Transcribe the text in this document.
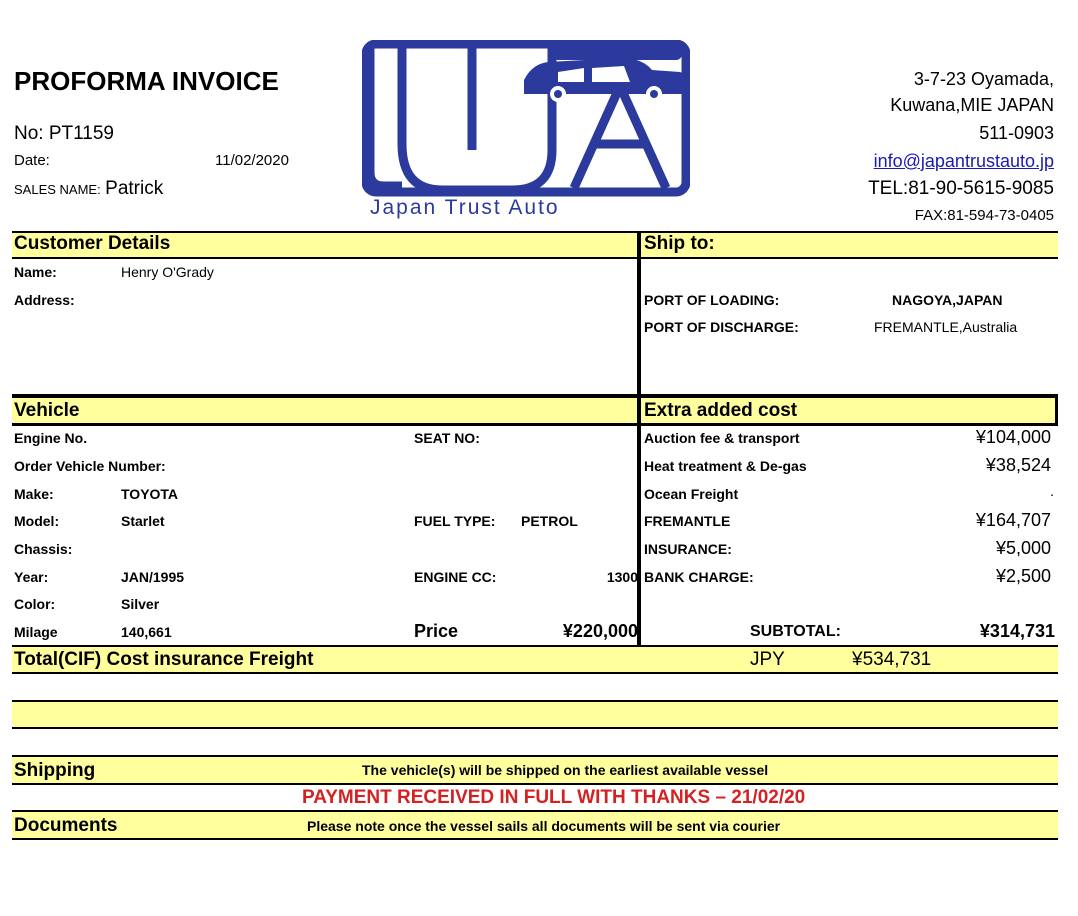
PROFORMA INVOICE
No: PT1159
Date:	11/02/2020
SALES NAME: Patrick
Japan Trust Auto
3-7-23 Oyamada,
Kuwana,MIE JAPAN
511-0903
info@japantrustauto.jp
TEL:81-90-5615-9085
FAX:81-594-73-0405
Customer Details
Name:	Henry O'Grady
Address:
Ship to:
PORT OF LOADING:	NAGOYA,JAPAN
PORT OF DISCHARGE:	FREMANTLE,Australia
Vehicle
Engine No.	SEAT NO:
Order Vehicle Number:
Make:	TOYOTA
Model:	Starlet	FUEL TYPE: PETROL
Chassis:
Year:	JAN/1995	ENGINE CC:	1300
Color:	Silver
Milage	140,661	Price	¥220,000
Extra added cost
Auction fee & transport	¥104,000
Heat treatment & De-gas	¥38,524
Ocean Freight	.
FREMANTLE	¥164,707
INSURANCE:	¥5,000
BANK CHARGE:	¥2,500
SUBTOTAL:	¥314,731
Total(CIF) Cost insurance Freight	JPY	¥534,731
Shipping	The vehicle(s) will be shipped on the earliest available vessel
PAYMENT RECEIVED IN FULL WITH THANKS – 21/02/20
Documents	Please note once the vessel sails all documents will be sent via courier
